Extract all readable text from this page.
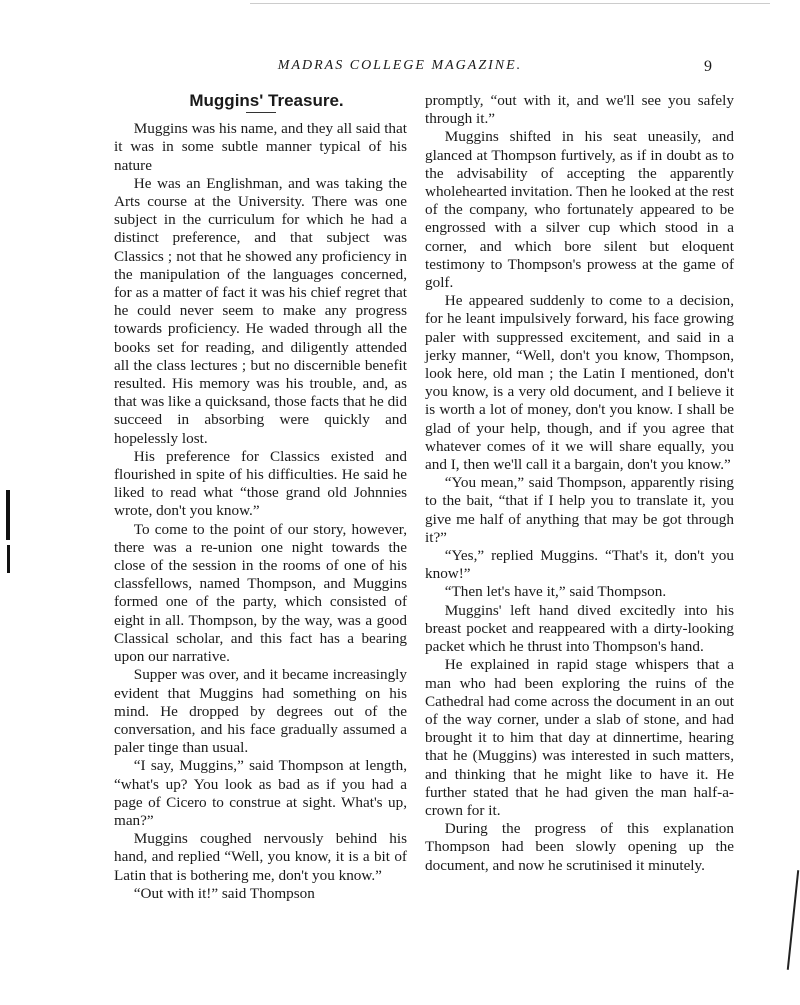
MADRAS COLLEGE MAGAZINE.	9
Muggins' Treasure.

Muggins was his name, and they all said that it was in some subtle manner typical of his nature

He was an Englishman, and was taking the Arts course at the University. There was one subject in the curriculum for which he had a distinct preference, and that subject was Classics ; not that he showed any proficiency in the manipulation of the languages concerned, for as a matter of fact it was his chief regret that he could never seem to make any progress towards proficiency. He waded through all the books set for reading, and diligently attended all the class lectures ; but no discernible benefit resulted. His memory was his trouble, and, as that was like a quicksand, those facts that he did succeed in absorbing were quickly and hopelessly lost.

His preference for Classics existed and flourished in spite of his difficulties. He said he liked to read what “those grand old Johnnies wrote, don't you know.”

To come to the point of our story, however, there was a re-union one night towards the close of the session in the rooms of one of his classfellows, named Thompson, and Muggins formed one of the party, which consisted of eight in all. Thompson, by the way, was a good Classical scholar, and this fact has a bearing upon our narrative.

Supper was over, and it became increasingly evident that Muggins had something on his mind. He dropped by degrees out of the conversation, and his face gradually assumed a paler tinge than usual.

“I say, Muggins,” said Thompson at length, “what's up? You look as bad as if you had a page of Cicero to construe at sight. What's up, man?”

Muggins coughed nervously behind his hand, and replied “Well, you know, it is a bit of Latin that is bothering me, don't you know.”

“Out with it!” said Thompson

promptly, “out with it, and we'll see you safely through it.”

Muggins shifted in his seat uneasily, and glanced at Thompson furtively, as if in doubt as to the advisability of accepting the apparently wholehearted invitation. Then he looked at the rest of the company, who fortunately appeared to be engrossed with a silver cup which stood in a corner, and which bore silent but eloquent testimony to Thompson's prowess at the game of golf.

He appeared suddenly to come to a decision, for he leant impulsively forward, his face growing paler with suppressed excitement, and said in a jerky manner, “Well, don't you know, Thompson, look here, old man ; the Latin I mentioned, don't you know, is a very old document, and I believe it is worth a lot of money, don't you know. I shall be glad of your help, though, and if you agree that whatever comes of it we will share equally, you and I, then we'll call it a bargain, don't you know.”

“You mean,” said Thompson, apparently rising to the bait, “that if I help you to translate it, you give me half of anything that may be got through it?”

“Yes,” replied Muggins. “That's it, don't you know!”

“Then let's have it,” said Thompson.

Muggins' left hand dived excitedly into his breast pocket and reappeared with a dirty-looking packet which he thrust into Thompson's hand.

He explained in rapid stage whispers that a man who had been exploring the ruins of the Cathedral had come across the document in an out of the way corner, under a slab of stone, and had brought it to him that day at dinnertime, hearing that he (Muggins) was interested in such matters, and thinking that he might like to have it. He further stated that he had given the man half-a-crown for it.

During the progress of this explanation Thompson had been slowly opening up the document, and now he scrutinised it minutely.
